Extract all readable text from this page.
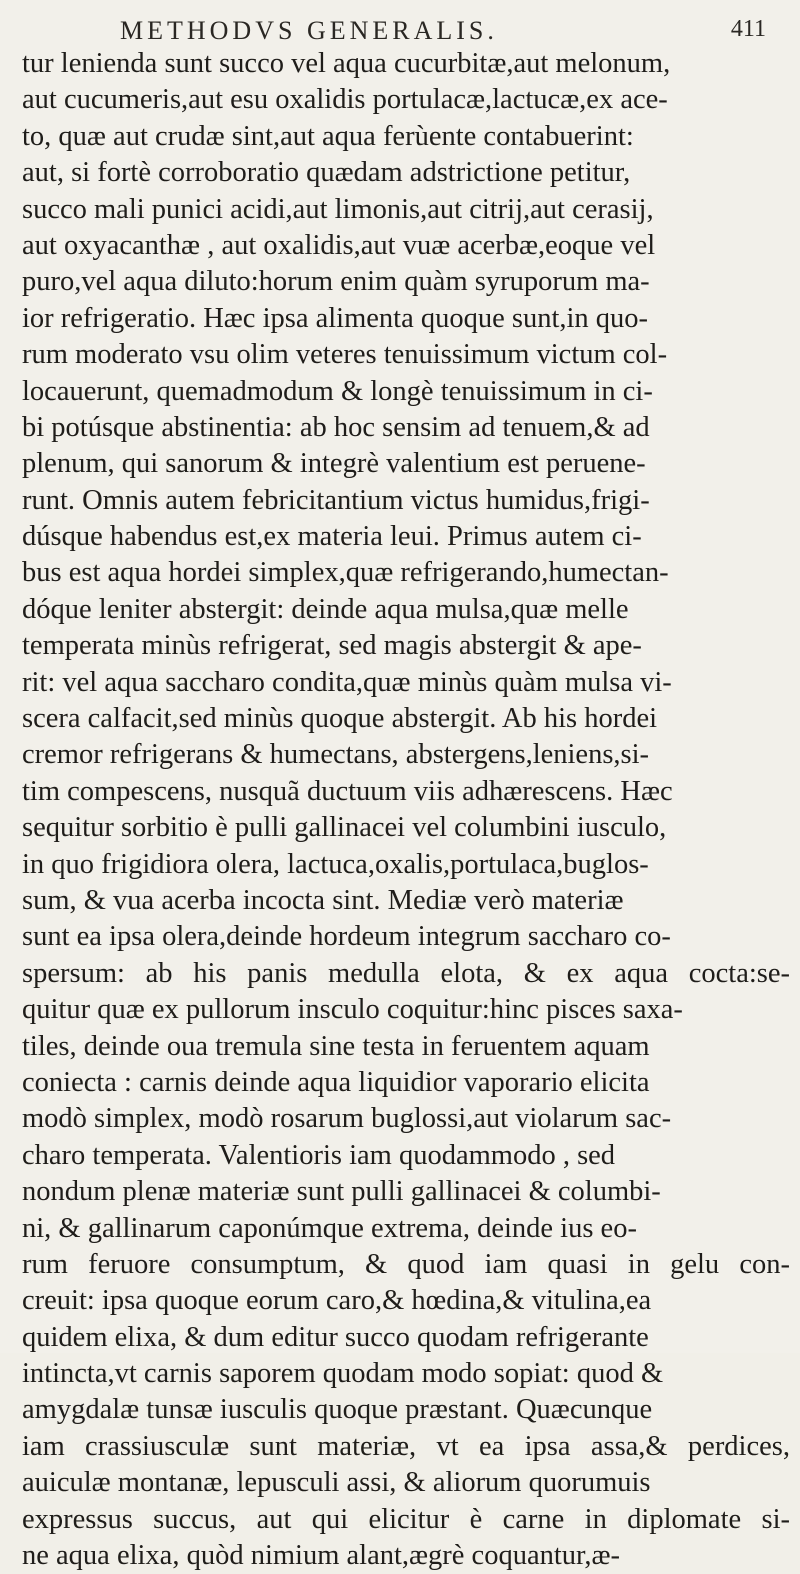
METHODVS GENERALIS.	411
tur lenienda sunt succo vel aqua cucurbitæ,aut melonum,
aut cucumeris,aut esu oxalidis portulacæ,lactucæ,ex ace-
to, quæ aut crudæ sint,aut aqua ferùente contabuerint:
aut, si fortè corroboratio quædam adstrictione petitur,
succo mali punici acidi,aut limonis,aut citrij,aut cerasij,
aut oxyacanthæ , aut oxalidis,aut vuæ acerbæ,eoque vel
puro,vel aqua diluto:horum enim quàm syruporum ma-
ior refrigeratio. Hæc ipsa alimenta quoque sunt,in quo-
rum moderato vsu olim veteres tenuissimum victum col-
locauerunt, quemadmodum & longè tenuissimum in ci-
bi potúsque abstinentia: ab hoc sensim ad tenuem,& ad
plenum, qui sanorum & integrè valentium est peruene-
runt. Omnis autem febricitantium victus humidus,frigi-
dúsque habendus est,ex materia leui. Primus autem ci-
bus est aqua hordei simplex,quæ refrigerando,humectan-
dóque leniter abstergit: deinde aqua mulsa,quæ melle
temperata minùs refrigerat, sed magis abstergit & ape-
rit: vel aqua saccharo condita,quæ minùs quàm mulsa vi-
scera calfacit,sed minùs quoque abstergit. Ab his hordei
cremor refrigerans & humectans, abstergens,leniens,si-
tim compescens, nusquã ductuum viis adhærescens. Hæc
sequitur sorbitio è pulli gallinacei vel columbini iusculo,
in quo frigidiora olera, lactuca,oxalis,portulaca,buglos-
sum, & vua acerba incocta sint. Mediæ verò materiæ
sunt ea ipsa olera,deinde hordeum integrum saccharo co-
spersum: ab his panis medulla elota, & ex aqua cocta:se-
quitur quæ ex pullorum insculo coquitur:hinc pisces saxa-
tiles, deinde oua tremula sine testa in feruentem aquam
coniecta : carnis deinde aqua liquidior vaporario elicita
modò simplex, modò rosarum buglossi,aut violarum sac-
charo temperata. Valentioris iam quodammodo , sed
nondum plenæ materiæ sunt pulli gallinacei & columbi-
ni, & gallinarum caponúmque extrema, deinde ius eo-
rum feruore consumptum, & quod iam quasi in gelu con-
creuit: ipsa quoque eorum caro,& hœdina,& vitulina,ea
quidem elixa, & dum editur succo quodam refrigerante
intincta,vt carnis saporem quodam modo sopiat: quod &
amygdalæ tunsæ iusculis quoque præstant. Quæcunque
iam crassiusculæ sunt materiæ, vt ea ipsa assa,& perdices,
auiculæ montanæ, lepusculi assi, & aliorum quorumuis
expressus succus, aut qui elicitur è carne in diplomate si-
ne aqua elixa, quòd nimium alant,ægrè coquantur,æ-
